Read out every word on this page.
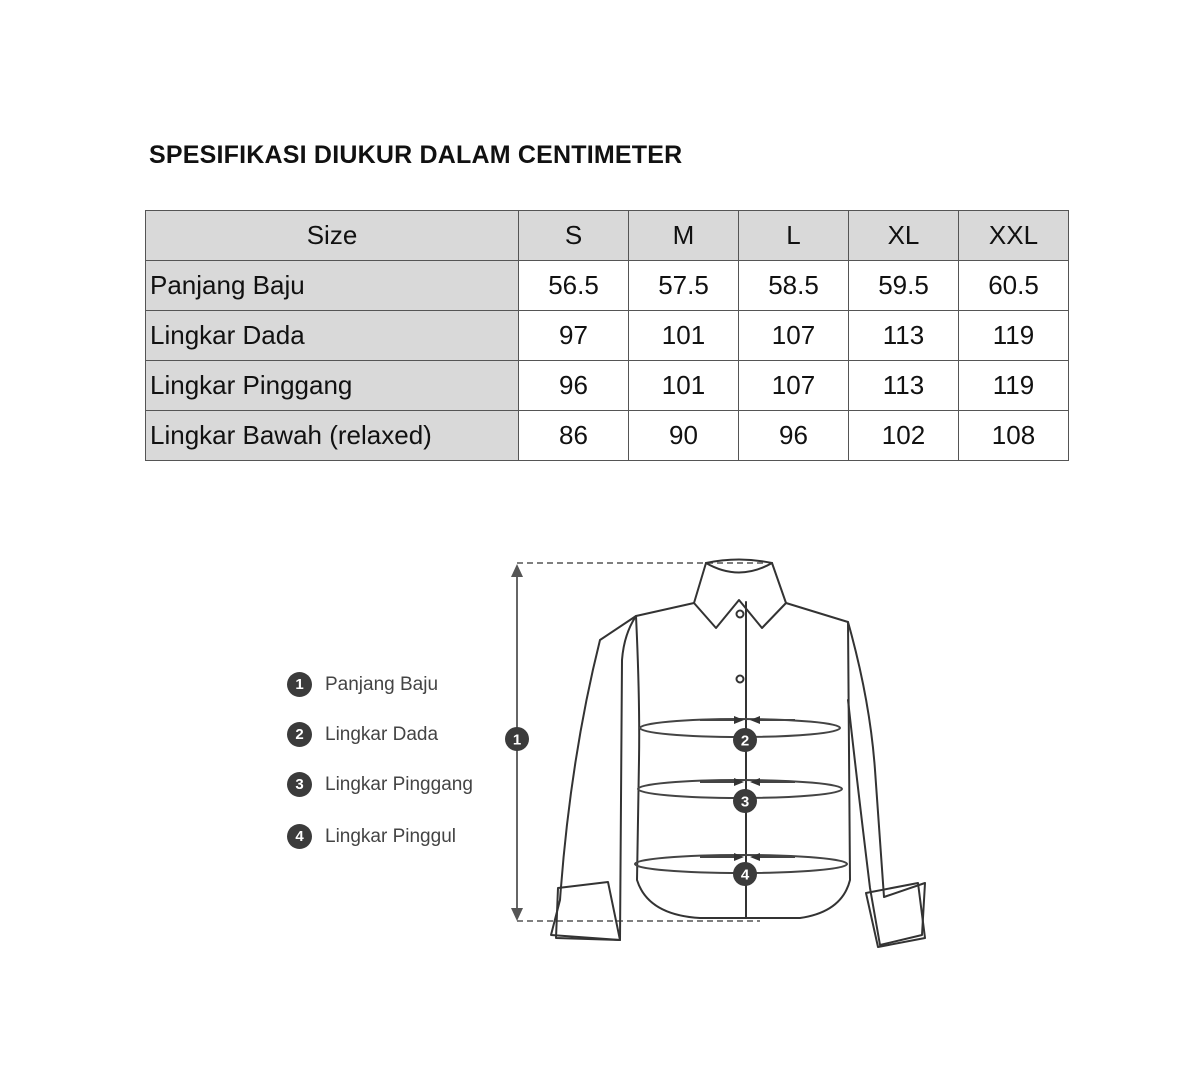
SPESIFIKASI DIUKUR DALAM CENTIMETER
Size	S	M	L	XL	XXL
Panjang Baju	56.5	57.5	58.5	59.5	60.5
Lingkar Dada	97	101	107	113	119
Lingkar Pinggang	96	101	107	113	119
Lingkar Bawah (relaxed)	86	90	96	102	108
1	Panjang Baju
2	Lingkar Dada
3	Lingkar Pinggang
4	Lingkar Pinggul
1	2
3
4
